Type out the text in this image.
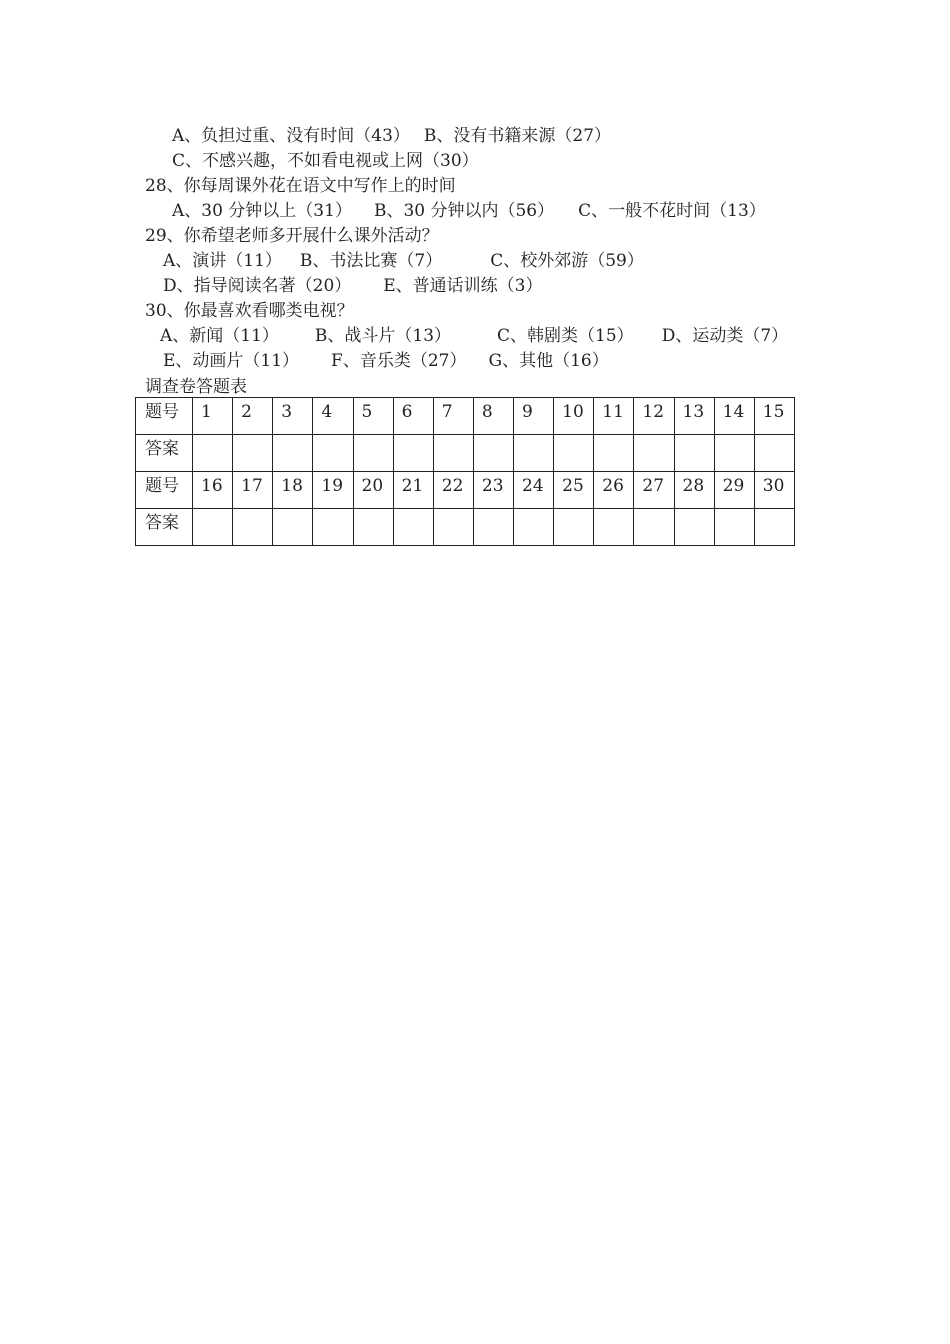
A、负担过重、没有时间（43） B、没有书籍来源（27）
C、不感兴趣，不如看电视或上网（30）
28、你每周课外花在语文中写作上的时间
A、30 分钟以上（31） B、30 分钟以内（56） C、一般不花时间（13）
29、你希望老师多开展什么课外活动？
A、演讲（11） B、书法比赛（7）	C、校外郊游（59）
D、指导阅读名著（20） E、普通话训练（3）
30、你最喜欢看哪类电视？
A、新闻（11） B、战斗片（13）	C、韩剧类（15） D、运动类（7）
E、动画片（11） F、音乐类（27） G、其他（16）
调查卷答题表
题号	1	2	3	4	5	6	7	8	9	10	11	12	13	14	15
答案															
题号	16	17	18	19	20	21	22	23	24	25	26	27	28	29	30
答案															
